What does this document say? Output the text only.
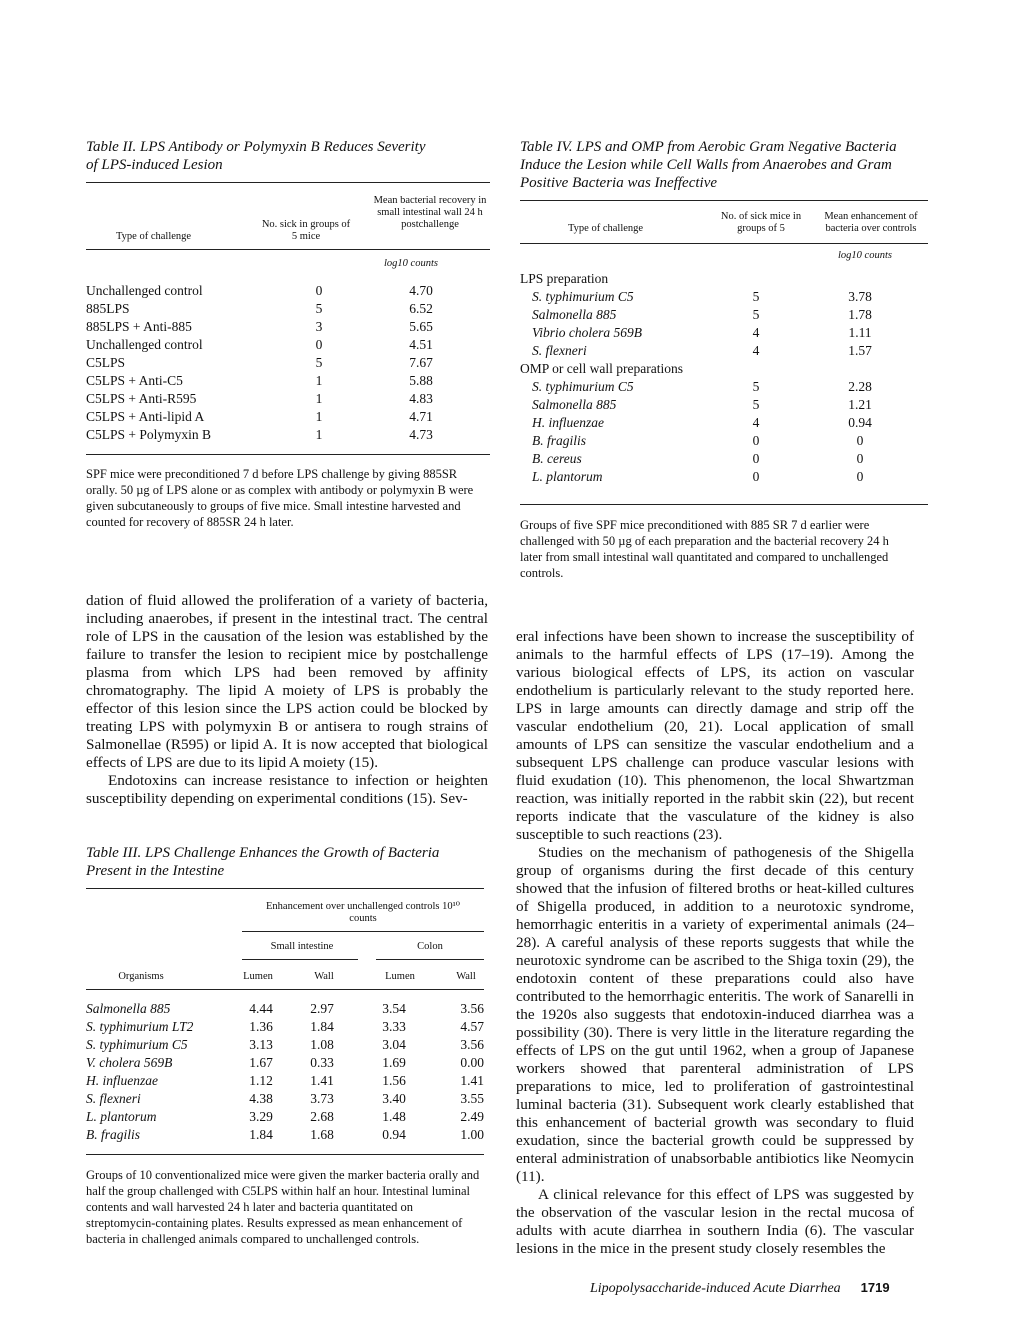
Table II. LPS Antibody or Polymyxin B Reduces Severity
of LPS-induced Lesion

Type of challenge
No. sick in groups of 5 mice
Mean bacterial recovery in small intestinal wall 24 h postchallenge
log10 counts
Unchallenged control	0	4.70
885LPS	5	6.52
885LPS + Anti-885	3	5.65
Unchallenged control	0	4.51
C5LPS	5	7.67
C5LPS + Anti-C5	1	5.88
C5LPS + Anti-R595	1	4.83
C5LPS + Anti-lipid A	1	4.71
C5LPS + Polymyxin B	1	4.73

SPF mice were preconditioned 7 d before LPS challenge by giving 885SR orally. 50 µg of LPS alone or as complex with antibody or polymyxin B were given subcutaneously to groups of five mice. Small intestine harvested and counted for recovery of 885SR 24 h later.

Table IV. LPS and OMP from Aerobic Gram Negative Bacteria
Induce the Lesion while Cell Walls from Anaerobes and Gram
Positive Bacteria was Ineffective

Type of challenge
No. of sick mice in groups of 5
Mean enhancement of bacteria over controls
log10 counts
LPS preparation
S. typhimurium C5	5	3.78
Salmonella 885	5	1.78
Vibrio cholera 569B	4	1.11
S. flexneri	4	1.57
OMP or cell wall preparations
S. typhimurium C5	5	2.28
Salmonella 885	5	1.21
H. influenzae	4	0.94
B. fragilis	0	0
B. cereus	0	0
L. plantorum	0	0

Groups of five SPF mice preconditioned with 885 SR 7 d earlier were challenged with 50 µg of each preparation and the bacterial recovery 24 h later from small intestinal wall quantitated and compared to unchallenged controls.

dation of fluid allowed the proliferation of a variety of bacteria, including anaerobes, if present in the intestinal tract. The central role of LPS in the causation of the lesion was established by the failure to transfer the lesion to recipient mice by postchallenge plasma from which LPS had been removed by affinity chromatography. The lipid A moiety of LPS is probably the effector of this lesion since the LPS action could be blocked by treating LPS with polymyxin B or antisera to rough strains of Salmonellae (R595) or lipid A. It is now accepted that biological effects of LPS are due to its lipid A moiety (15).

Endotoxins can increase resistance to infection or heighten susceptibility depending on experimental conditions (15). Sev-

Table III. LPS Challenge Enhances the Growth of Bacteria
Present in the Intestine

Enhancement over unchallenged controls 10¹⁰ counts
Small intestine	Colon
Organisms	Lumen	Wall	Lumen	Wall
Salmonella 885	4.44	2.97	3.54	3.56
S. typhimurium LT2	1.36	1.84	3.33	4.57
S. typhimurium C5	3.13	1.08	3.04	3.56
V. cholera 569B	1.67	0.33	1.69	0.00
H. influenzae	1.12	1.41	1.56	1.41
S. flexneri	4.38	3.73	3.40	3.55
L. plantorum	3.29	2.68	1.48	2.49
B. fragilis	1.84	1.68	0.94	1.00

Groups of 10 conventionalized mice were given the marker bacteria orally and half the group challenged with C5LPS within half an hour. Intestinal luminal contents and wall harvested 24 h later and bacteria quantitated on streptomycin-containing plates. Results expressed as mean enhancement of bacteria in challenged animals compared to unchallenged controls.

eral infections have been shown to increase the susceptibility of animals to the harmful effects of LPS (17–19). Among the various biological effects of LPS, its action on vascular endothelium is particularly relevant to the study reported here. LPS in large amounts can directly damage and strip off the vascular endothelium (20, 21). Local application of small amounts of LPS can sensitize the vascular endothelium and a subsequent LPS challenge can produce vascular lesions with fluid exudation (10). This phenomenon, the local Shwartzman reaction, was initially reported in the rabbit skin (22), but recent reports indicate that the vasculature of the kidney is also susceptible to such reactions (23).

Studies on the mechanism of pathogenesis of the Shigella group of organisms during the first decade of this century showed that the infusion of filtered broths or heat-killed cultures of Shigella produced, in addition to a neurotoxic syndrome, hemorrhagic enteritis in a variety of experimental animals (24–28). A careful analysis of these reports suggests that while the neurotoxic syndrome can be ascribed to the Shiga toxin (29), the endotoxin content of these preparations could also have contributed to the hemorrhagic enteritis. The work of Sanarelli in the 1920s also suggests that endotoxin-induced diarrhea was a possibility (30). There is very little in the literature regarding the effects of LPS on the gut until 1962, when a group of Japanese workers showed that parenteral administration of LPS preparations to mice, led to proliferation of gastrointestinal luminal bacteria (31). Subsequent work clearly established that this enhancement of bacterial growth was secondary to fluid exudation, since the bacterial growth could be suppressed by enteral administration of unabsorbable antibiotics like Neomycin (11).

A clinical relevance for this effect of LPS was suggested by the observation of the vascular lesion in the rectal mucosa of adults with acute diarrhea in southern India (6). The vascular lesions in the mice in the present study closely resembles the

Lipopolysaccharide-induced Acute Diarrhea 1719
